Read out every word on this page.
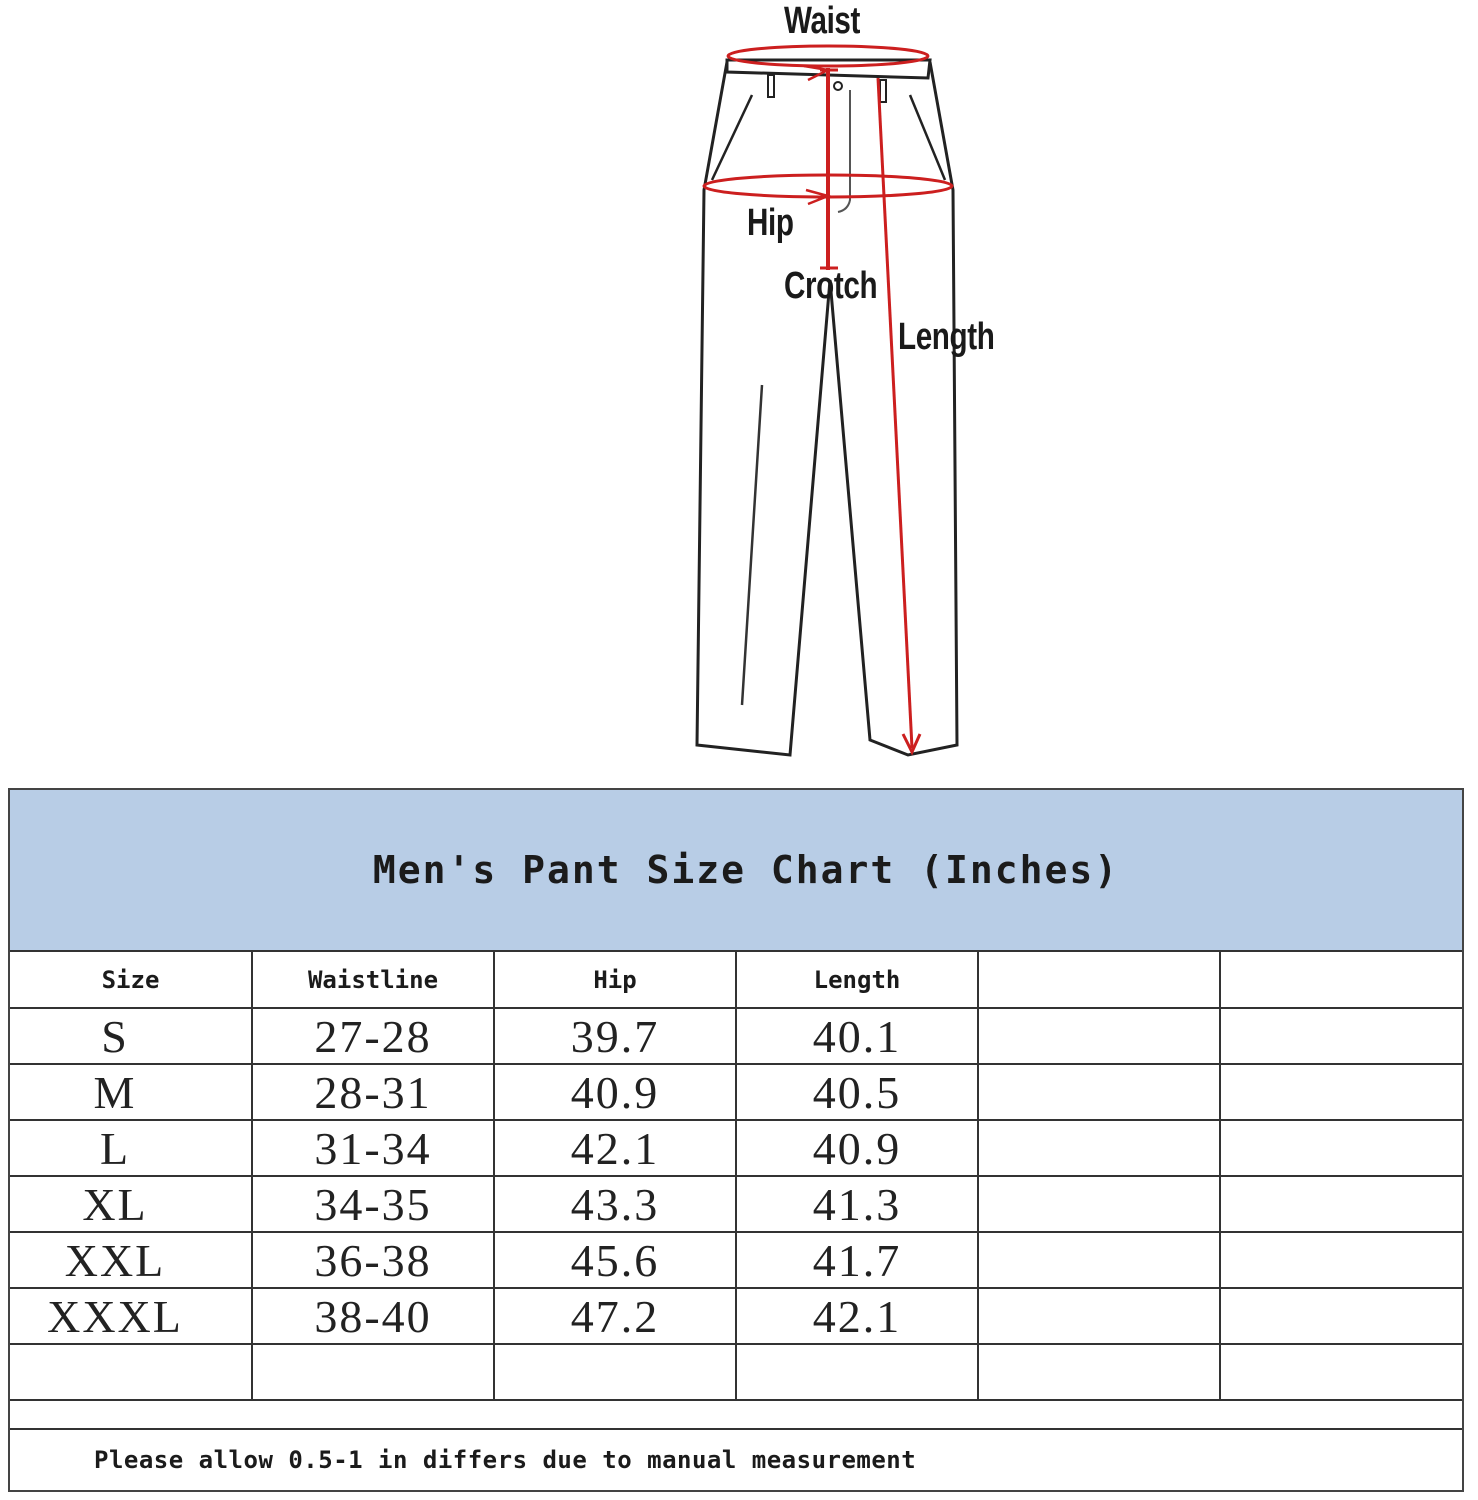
Waist
Hip
Crotch
Length
Men's Pant Size Chart (Inches)
Size	Waistline	Hip	Length		
S	27-28	39.7	40.1		
M	28-31	40.9	40.5		
L	31-34	42.1	40.9		
XL	34-35	43.3	41.3		
XXL	36-38	45.6	41.7		
XXXL	38-40	47.2	42.1		

Please allow 0.5-1 in differs due to manual measurement
